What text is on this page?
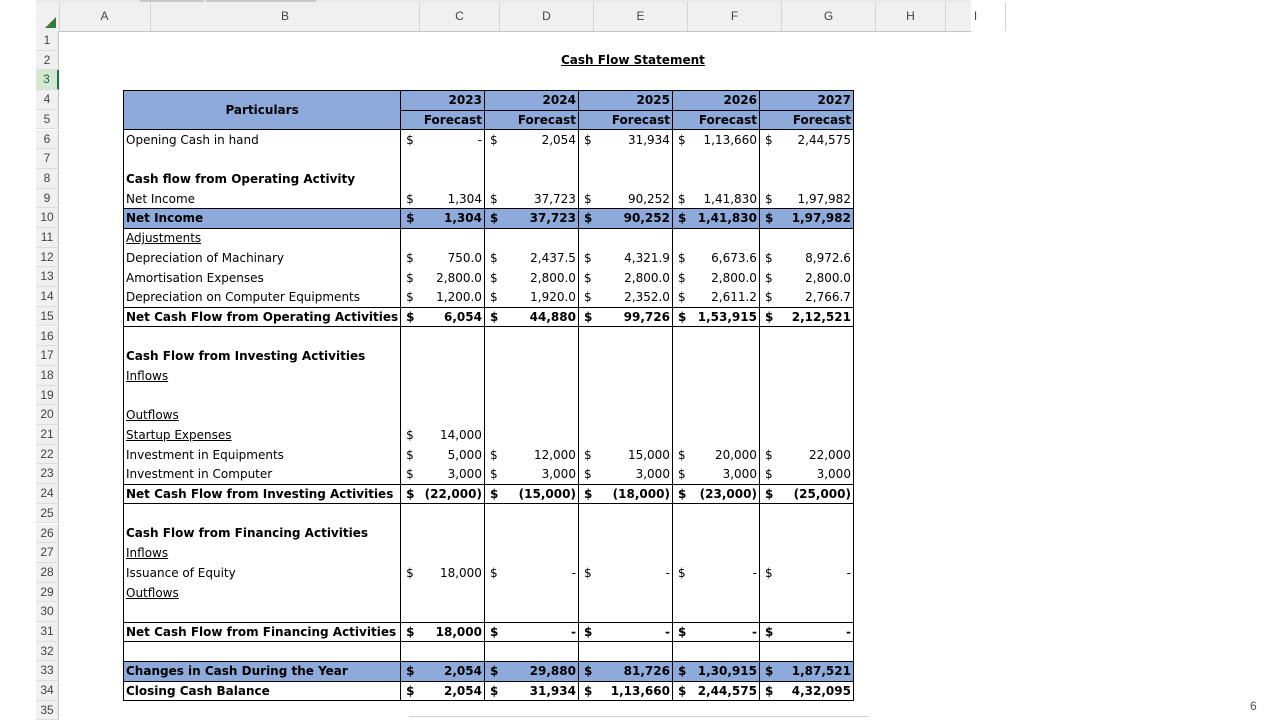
A	B	C	D	E	F	G	H	I
1
2
3
4
5
6
7
8
9
10
11
12
13
14
15
16
17
18
19
20
21
22
23
24
25
26
27
28
29
30
31
32
33
34
35
Cash Flow Statement
Particulars	2023		2024		2025		2026		2027	
	Forecast		Forecast		Forecast		Forecast		Forecast	
Opening Cash in hand	$	-	$	2,054	$	31,934	$	1,13,660	$	2,44,575

Cash flow from Operating Activity										
Net Income	$	1,304	$	37,723	$	90,252	$	1,41,830	$	1,97,982
Net Income	$	1,304	$	37,723	$	90,252	$	1,41,830	$	1,97,982
Adjustments										
Depreciation of Machinary	$	750.0	$	2,437.5	$	4,321.9	$	6,673.6	$	8,972.6
Amortisation Expenses	$	2,800.0	$	2,800.0	$	2,800.0	$	2,800.0	$	2,800.0
Depreciation on Computer Equipments	$	1,200.0	$	1,920.0	$	2,352.0	$	2,611.2	$	2,766.7
Net Cash Flow from Operating Activities	$	6,054	$	44,880	$	99,726	$	1,53,915	$	2,12,521

Cash Flow from Investing Activities										
Inflows										

Outflows										
Startup Expenses	$	14,000								
Investment in Equipments	$	5,000	$	12,000	$	15,000	$	20,000	$	22,000
Investment in Computer	$	3,000	$	3,000	$	3,000	$	3,000	$	3,000
Net Cash Flow from Investing Activities	$	(22,000)	$	(15,000)	$	(18,000)	$	(23,000)	$	(25,000)

Cash Flow from Financing Activities										
Inflows										
Issuance of Equity	$	18,000	$	-	$	-	$	-	$	-
Outflows										

Net Cash Flow from Financing Activities	$	18,000	$	-	$	-	$	-	$	-

Changes in Cash During the Year	$	2,054	$	29,880	$	81,726	$	1,30,915	$	1,87,521
Closing Cash Balance	$	2,054	$	31,934	$	1,13,660	$	2,44,575	$	4,32,095
6
